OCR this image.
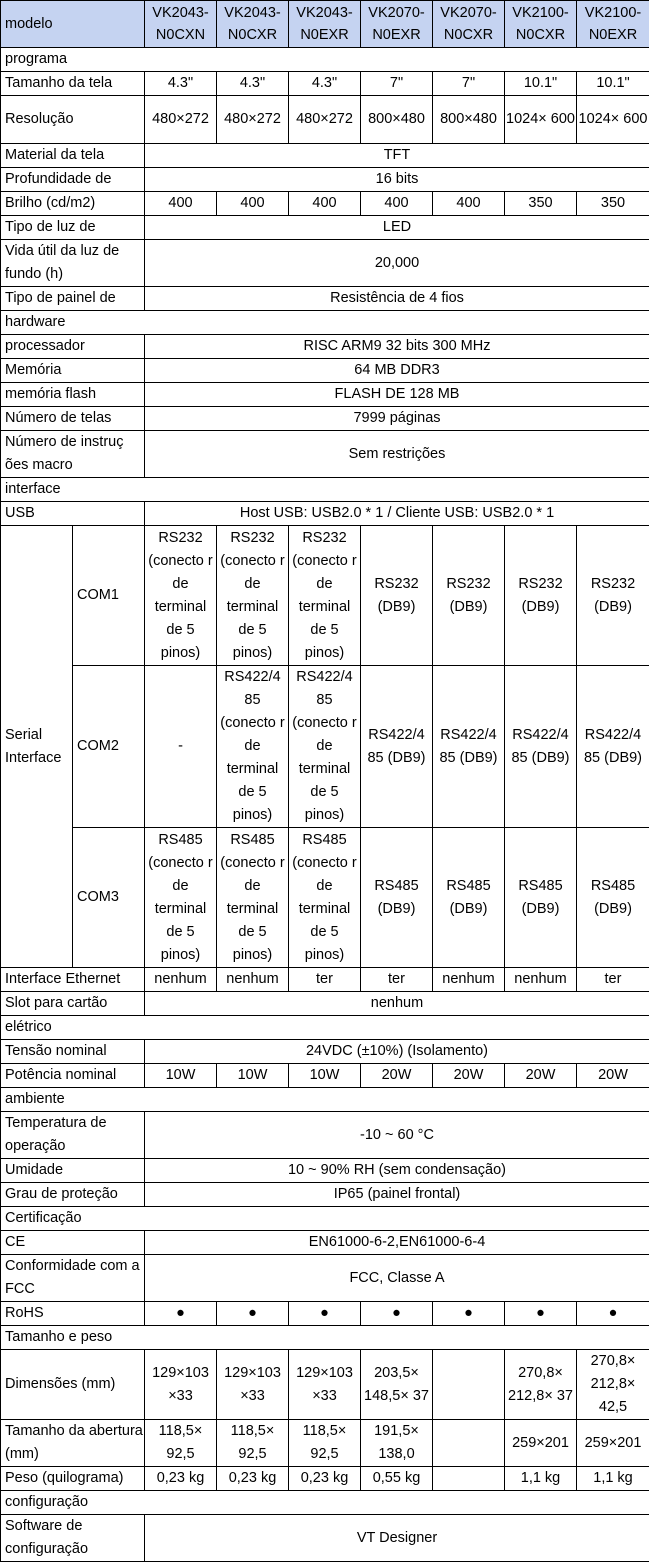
modelo		VK2043-N0CXN	VK2043-N0CXR	VK2043-N0EXR	VK2070-N0EXR	VK2070-N0CXR	VK2100-N0CXR	VK2100-N0EXR
programa								
Tamanho da tela		4.3"	4.3"	4.3"	7"	7"	10.1"	10.1"
Resolução		480×272	480×272	480×272	800×480	800×480	1024× 600	1024× 600
Material da tela		TFT						
Profundidade de		16 bits						
Brilho (cd/m2)		400	400	400	400	400	350	350
Tipo de luz de		LED						
Vida útil da luz de fundo (h)		20,000						
Tipo de painel de		Resistência de 4 fios						
hardware								
processador		RISC ARM9 32 bits 300 MHz						
Memória		64 MB DDR3						
memória flash		FLASH DE 128 MB						
Número de telas		7999 páginas						
Número de instruç ões macro		Sem restrições						
interface								
USB		Host USB: USB2.0 * 1 / Cliente USB: USB2.0 * 1						
Serial Interface	COM1	RS232 (conecto r de terminal de 5 pinos)	RS232 (conecto r de terminal de 5 pinos)	RS232 (conecto r de terminal de 5 pinos)	RS232 (DB9)	RS232 (DB9)	RS232 (DB9)	RS232 (DB9)
	COM2	-	RS422/4 85 (conecto r de terminal de 5 pinos)	RS422/4 85 (conecto r de terminal de 5 pinos)	RS422/4 85 (DB9)	RS422/4 85 (DB9)	RS422/4 85 (DB9)	RS422/4 85 (DB9)
	COM3	RS485 (conecto r de terminal de 5 pinos)	RS485 (conecto r de terminal de 5 pinos)	RS485 (conecto r de terminal de 5 pinos)	RS485 (DB9)	RS485 (DB9)	RS485 (DB9)	RS485 (DB9)
Interface Ethernet		nenhum	nenhum	ter	ter	nenhum	nenhum	ter
Slot para cartão		nenhum						
elétrico								
Tensão nominal		24VDC (±10%) (Isolamento)						
Potência nominal		10W	10W	10W	20W	20W	20W	20W
ambiente								
Temperatura de operação		-10 ~ 60 °C						
Umidade		10 ~ 90% RH (sem condensação)						
Grau de proteção		IP65 (painel frontal)						
Certificação								
CE		EN61000-6-2,EN61000-6-4						
Conformidade com a FCC		FCC, Classe A						
RoHS		●	●	●	●	●	●	●
Tamanho e peso								
Dimensões (mm)		129×103 ×33	129×103 ×33	129×103 ×33	203,5× 148,5× 37		270,8× 212,8× 37	270,8× 212,8× 42,5
Tamanho da abertura (mm)		118,5× 92,5	118,5× 92,5	118,5× 92,5	191,5× 138,0		259×201	259×201
Peso (quilograma)		0,23 kg	0,23 kg	0,23 kg	0,55 kg		1,1 kg	1,1 kg
configuração								
Software de configuração		VT Designer						
